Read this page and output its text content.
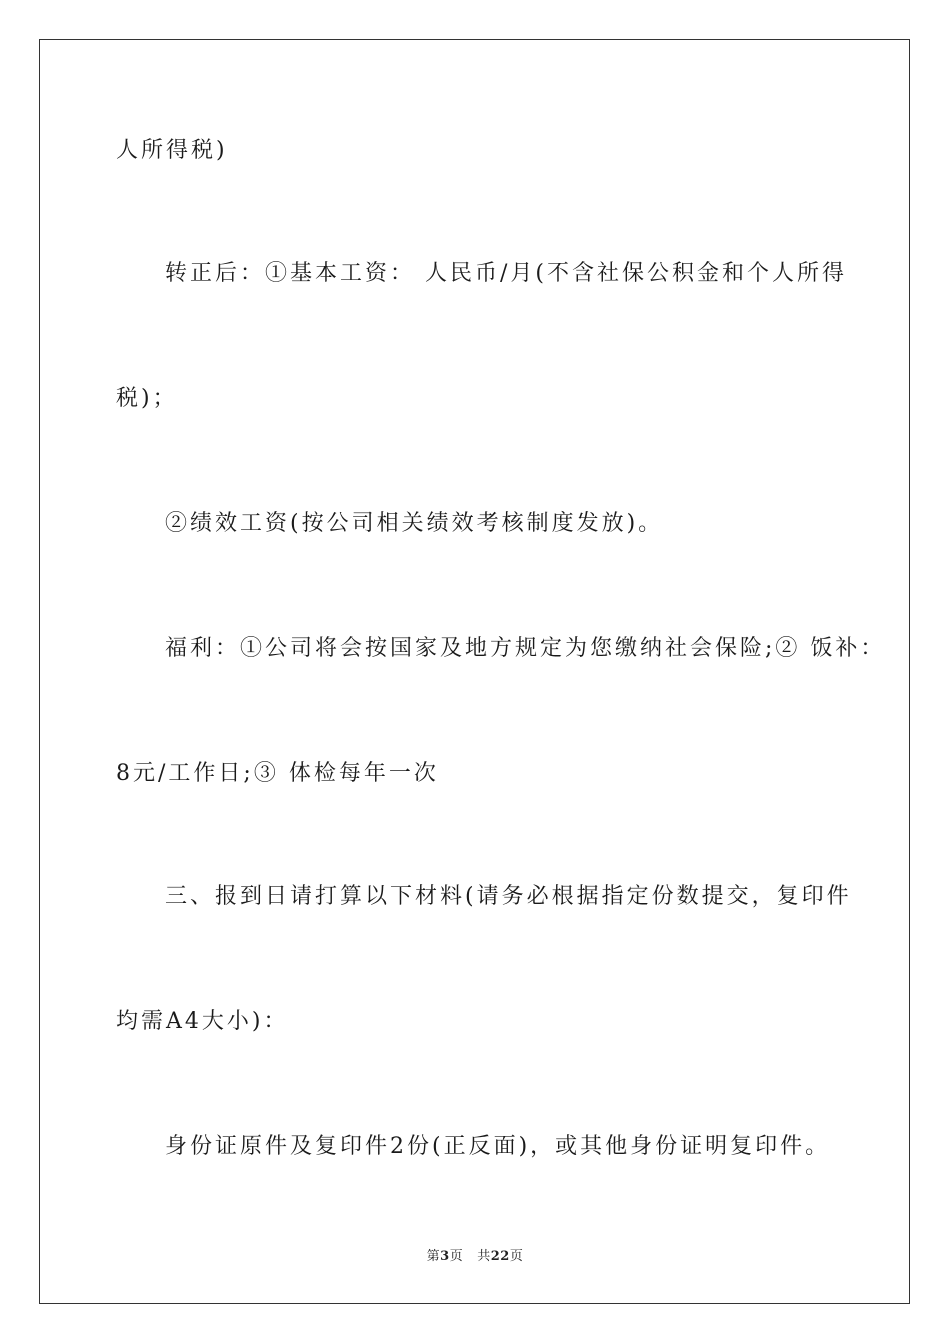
人所得税)
转正后：①基本工资： 人民币/月(不含社保公积金和个人所得
税)；
②绩效工资(按公司相关绩效考核制度发放)。
福利：①公司将会按国家及地方规定为您缴纳社会保险;② 饭补：
8元/工作日;③ 体检每年一次
三、报到日请打算以下材料(请务必根据指定份数提交，复印件
均需A4大小)：
身份证原件及复印件2份(正反面)，或其他身份证明复印件。
第3页 共22页
